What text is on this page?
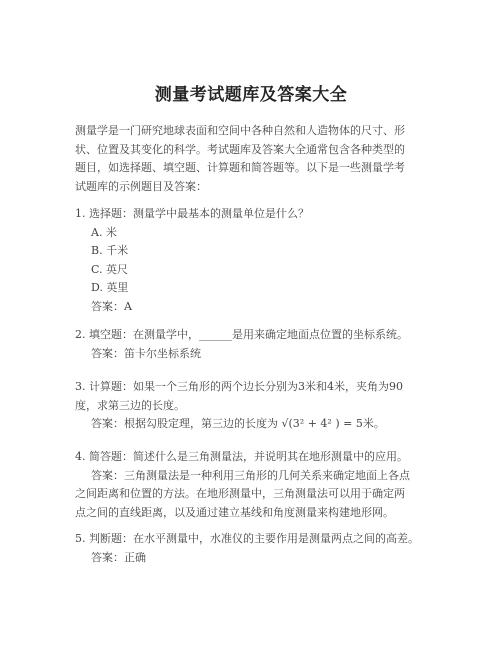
测量考试题库及答案大全
测量学是一门研究地球表面和空间中各种自然和人造物体的尺寸、形
状、位置及其变化的科学。考试题库及答案大全通常包含各种类型的
题目，如选择题、填空题、计算题和简答题等。以下是一些测量学考
试题库的示例题目及答案：
1. 选择题：测量学中最基本的测量单位是什么？
A. 米
B. 千米
C. 英尺
D. 英里
答案：A
2. 填空题：在测量学中，______是用来确定地面点位置的坐标系统。
答案：笛卡尔坐标系统
3. 计算题：如果一个三角形的两个边长分别为3米和4米，夹角为90
度，求第三边的长度。
答案：根据勾股定理，第三边的长度为 √(3² + 4² ) = 5米。
4. 简答题：简述什么是三角测量法，并说明其在地形测量中的应用。
答案：三角测量法是一种利用三角形的几何关系来确定地面上各点
之间距离和位置的方法。在地形测量中，三角测量法可以用于确定两
点之间的直线距离，以及通过建立基线和角度测量来构建地形网。
5. 判断题：在水平测量中，水准仪的主要作用是测量两点之间的高差。
答案：正确
